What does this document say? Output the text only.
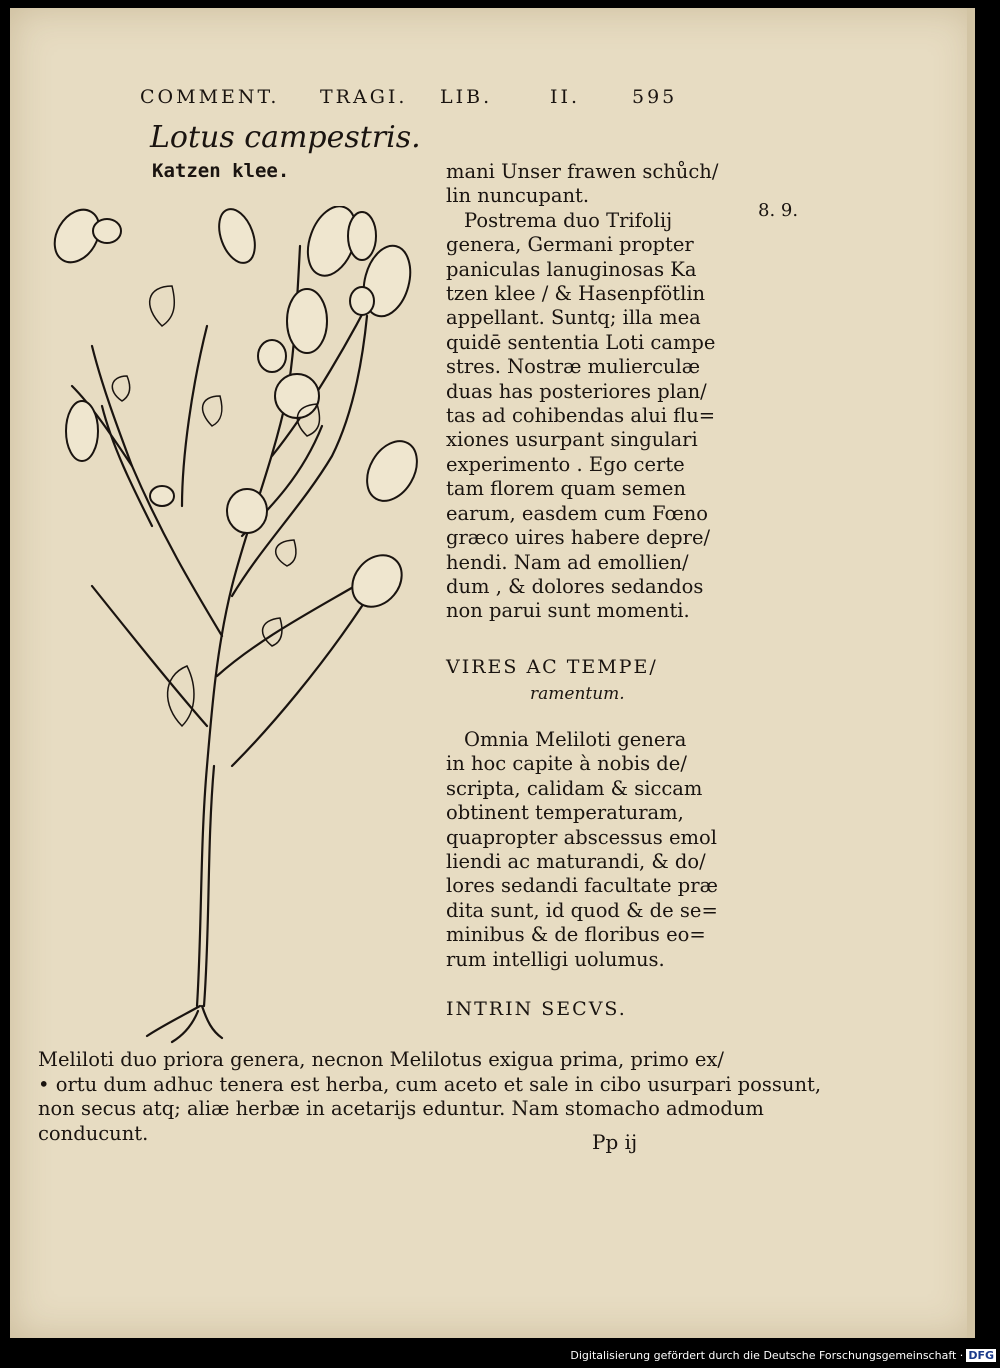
COMMENT. TRAGI. LIB.	II.	595
Lotus campestris.
Katzen klee.	mani Unser frawen schůch/
lin nuncupant.
Postrema duo Trifolij
genera, Germani propter
paniculas lanuginosas Ka
tzen klee / & Hasenpfötlin
appellant. Suntq; illa mea
quidē sententia Loti campe
stres. Nostræ mulierculæ
duas has posteriores plan/
tas ad cohibendas alui flu=
xiones usurpant singulari
experimento . Ego certe
tam florem quam semen
earum, easdem cum Fœno
græco uires habere depre/
hendi. Nam ad emollien/
dum , & dolores sedandos
non parui sunt momenti.
8. 9.
VIRES AC TEMPE/
ramentum.
Omnia Meliloti genera
in hoc capite à nobis de/
scripta, calidam & siccam
obtinent temperaturam,
quapropter abscessus emol
liendi ac maturandi, & do/
lores sedandi facultate præ
dita sunt, id quod & de se=
minibus & de floribus eo=
rum intelligi uolumus.
INTRIN SECVS.
Meliloti duo priora genera, necnon Melilotus exigua prima, primo ex/
• ortu dum adhuc tenera est herba, cum aceto et sale in cibo usurpari possunt,
non secus atq; aliæ herbæ in acetarijs eduntur. Nam stomacho admodum
conducunt.	Pp ij
Digitalisierung gefördert durch die Deutsche Forschungsgemeinschaft · DFG
